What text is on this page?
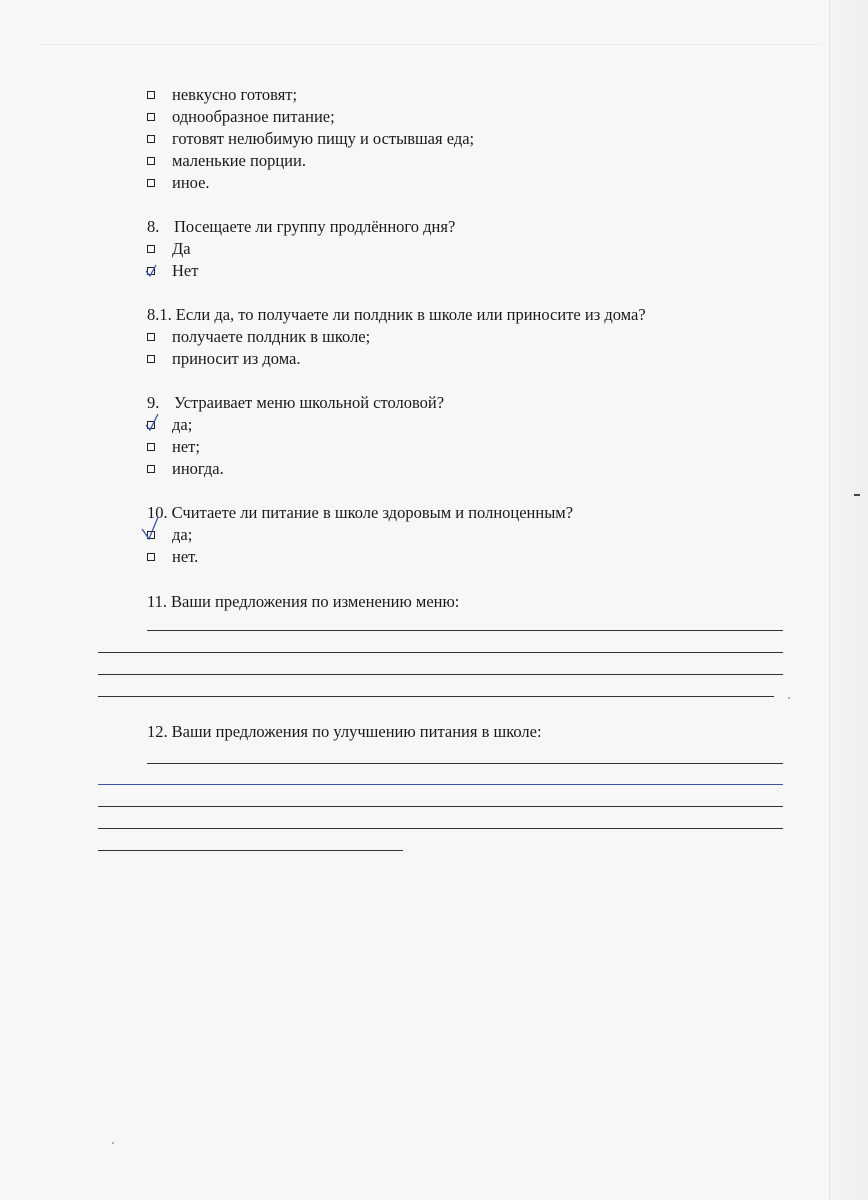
невкусно готовят;
однообразное питание;
готовят нелюбимую пищу и остывшая еда;
маленькие порции.
иное.
8. Посещаете ли группу продлённого дня?
Да
Нет
8.1. Если да, то получаете ли полдник в школе или приносите из дома?
получаете полдник в школе;
приносит из дома.
9. Устраивает меню школьной столовой?
да;
нет;
иногда.
10. Считаете ли питание в школе здоровым и полноценным?
да;
нет.
11. Ваши предложения по изменению меню:
12. Ваши предложения по улучшению питания в школе:
